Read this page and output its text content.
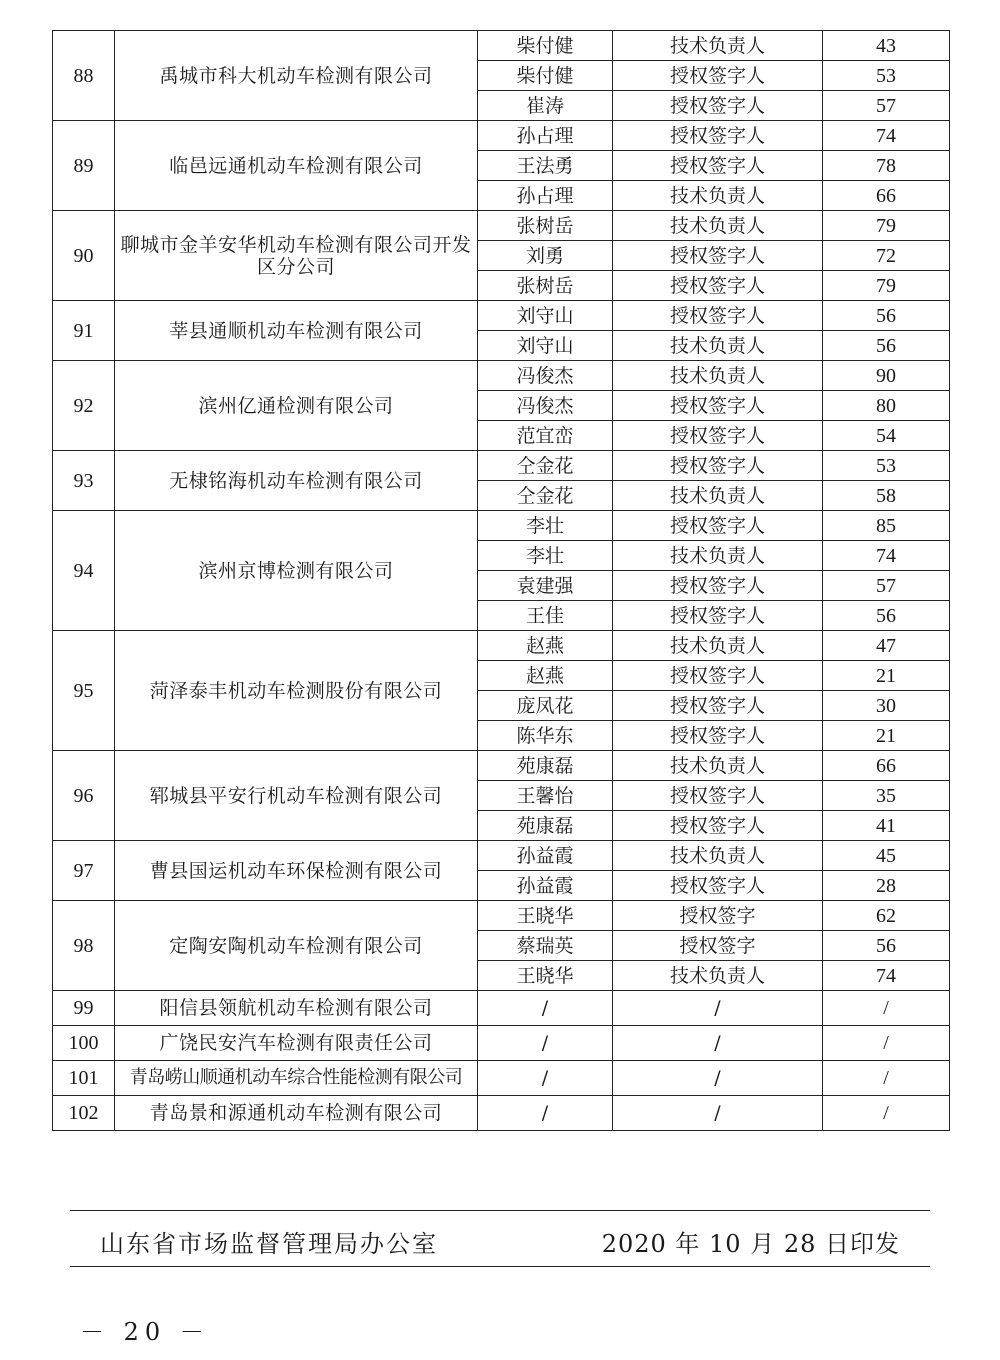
88	禹城市科大机动车检测有限公司	柴付健	技术负责人	43
		柴付健	授权签字人	53
		崔涛	授权签字人	57
89	临邑远通机动车检测有限公司	孙占理	授权签字人	74
		王法勇	授权签字人	78
		孙占理	技术负责人	66
90	聊城市金羊安华机动车检测有限公司开发区分公司	张树岳	技术负责人	79
		刘勇	授权签字人	72
		张树岳	授权签字人	79
91	莘县通顺机动车检测有限公司	刘守山	授权签字人	56
		刘守山	技术负责人	56
92	滨州亿通检测有限公司	冯俊杰	技术负责人	90
		冯俊杰	授权签字人	80
		范宜峦	授权签字人	54
93	无棣铭海机动车检测有限公司	仝金花	授权签字人	53
		仝金花	技术负责人	58
94	滨州京博检测有限公司	李壮	授权签字人	85
		李壮	技术负责人	74
		袁建强	授权签字人	57
		王佳	授权签字人	56
95	菏泽泰丰机动车检测股份有限公司	赵燕	技术负责人	47
		赵燕	授权签字人	21
		庞凤花	授权签字人	30
		陈华东	授权签字人	21
96	郓城县平安行机动车检测有限公司	苑康磊	技术负责人	66
		王馨怡	授权签字人	35
		苑康磊	授权签字人	41
97	曹县国运机动车环保检测有限公司	孙益霞	技术负责人	45
		孙益霞	授权签字人	28
98	定陶安陶机动车检测有限公司	王晓华	授权签字	62
		蔡瑞英	授权签字	56
		王晓华	技术负责人	74
99	阳信县领航机动车检测有限公司	/	/	/
100	广饶民安汽车检测有限责任公司	/	/	/
101	青岛崂山顺通机动车综合性能检测有限公司	/	/	/
102	青岛景和源通机动车检测有限公司	/	/	/
山东省市场监督管理局办公室	2020 年 10 月 28 日印发
－ 20 －
